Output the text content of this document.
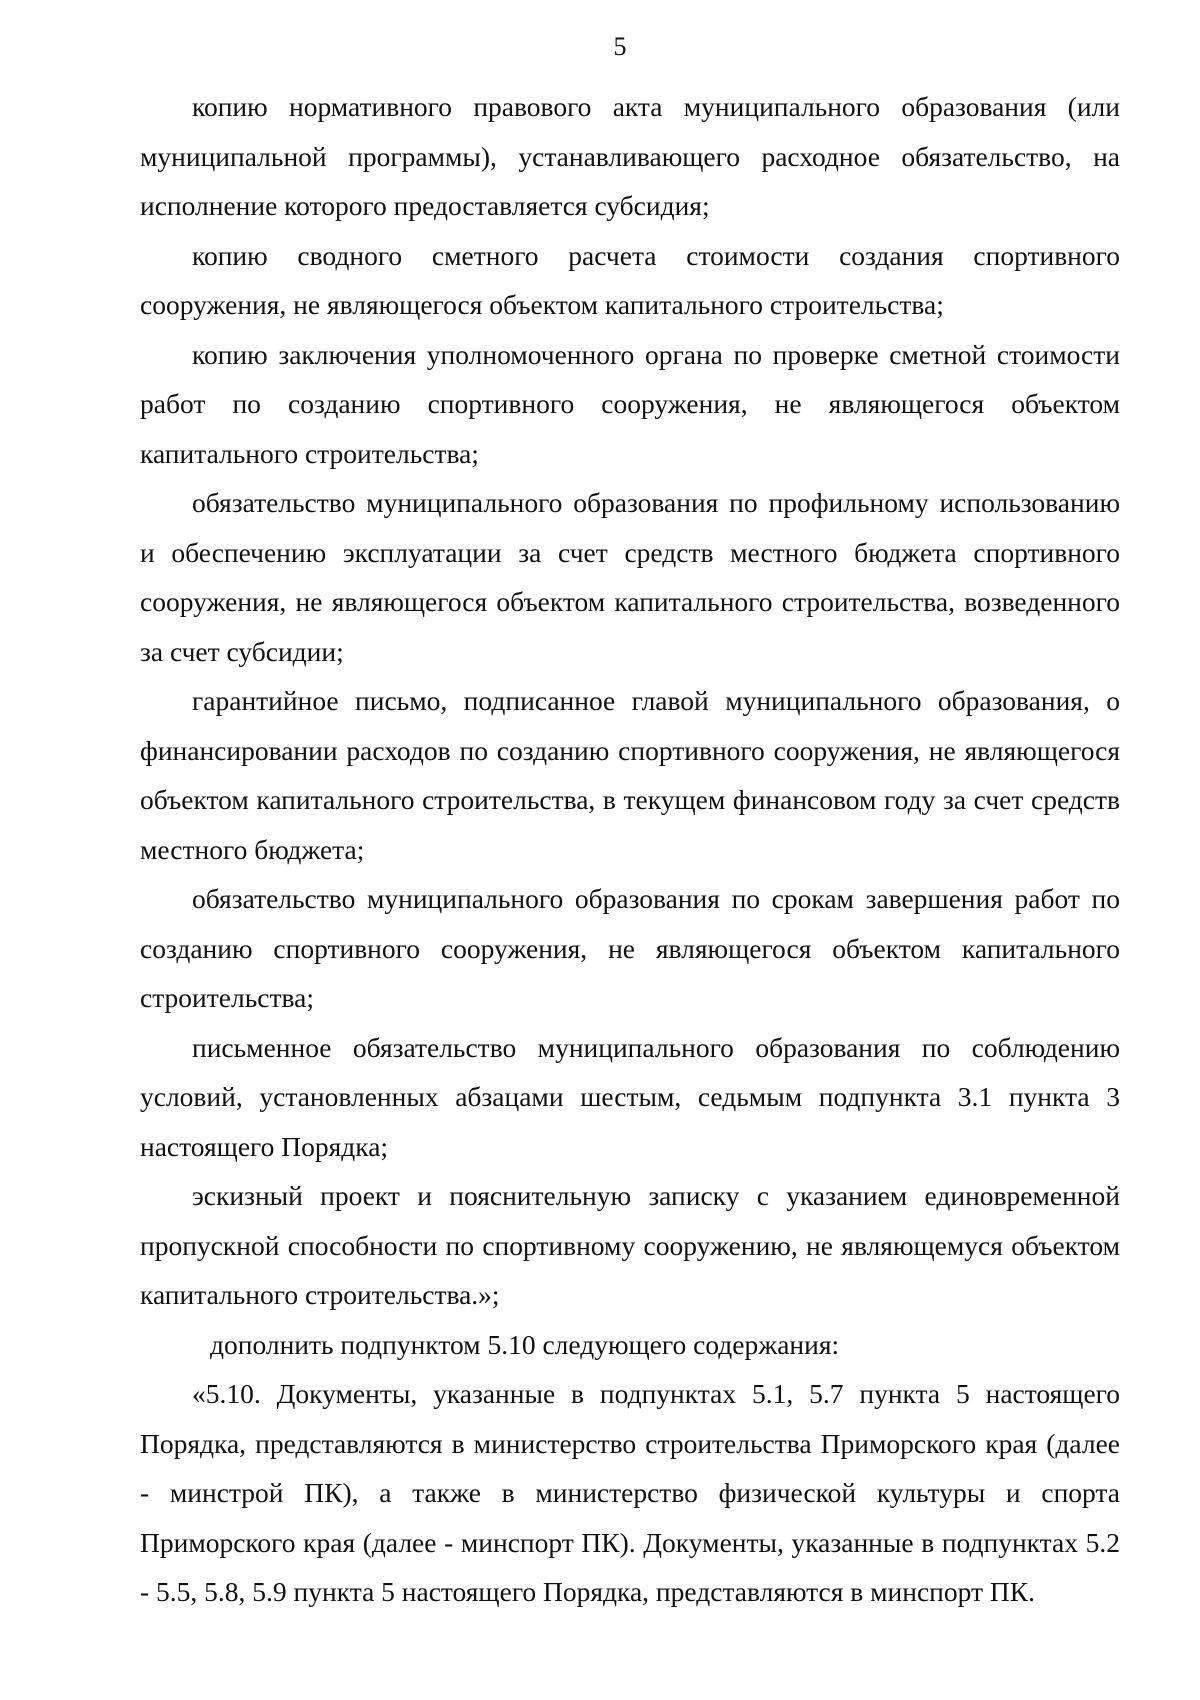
5

копию нормативного правового акта муниципального образования (или муниципальной программы), устанавливающего расходное обязательство, на исполнение которого предоставляется субсидия;

копию сводного сметного расчета стоимости создания спортивного сооружения, не являющегося объектом капитального строительства;

копию заключения уполномоченного органа по проверке сметной стоимости работ по созданию спортивного сооружения, не являющегося объектом капитального строительства;

обязательство муниципального образования по профильному использованию и обеспечению эксплуатации за счет средств местного бюджета спортивного сооружения, не являющегося объектом капитального строительства, возведенного за счет субсидии;

гарантийное письмо, подписанное главой муниципального образования, о финансировании расходов по созданию спортивного сооружения, не являющегося объектом капитального строительства, в текущем финансовом году за счет средств местного бюджета;

обязательство муниципального образования по срокам завершения работ по созданию спортивного сооружения, не являющегося объектом капитального строительства;

письменное обязательство муниципального образования по соблюдению условий, установленных абзацами шестым, седьмым подпункта 3.1 пункта 3 настоящего Порядка;

эскизный проект и пояснительную записку с указанием единовременной пропускной способности по спортивному сооружению, не являющемуся объектом капитального строительства.»;

дополнить подпунктом 5.10 следующего содержания:

«5.10. Документы, указанные в подпунктах 5.1, 5.7 пункта 5 настоящего Порядка, представляются в министерство строительства Приморского края (далее - минстрой ПК), а также в министерство физической культуры и спорта Приморского края (далее - минспорт ПК). Документы, указанные в подпунктах 5.2 - 5.5, 5.8, 5.9 пункта 5 настоящего Порядка, представляются в минспорт ПК.
